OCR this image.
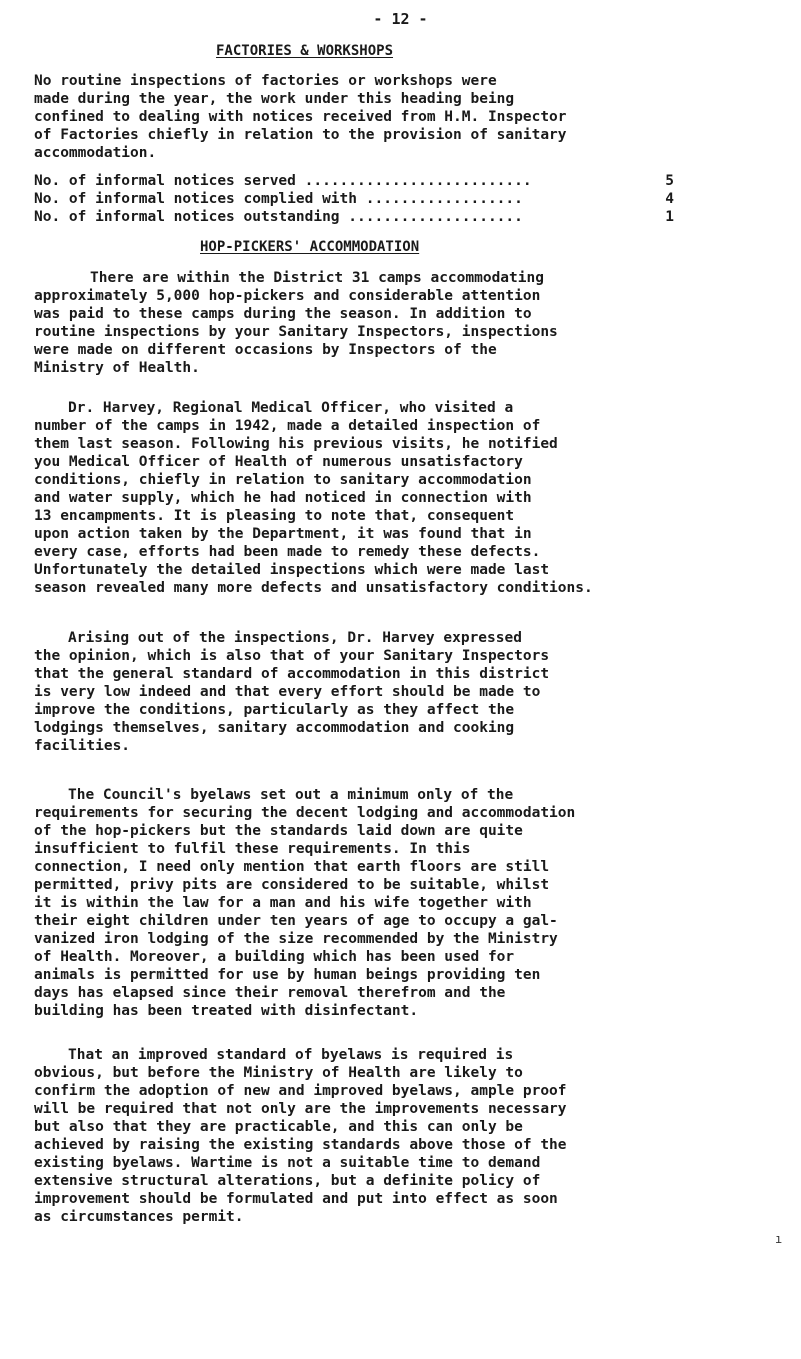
- 12 -
FACTORIES & WORKSHOPS
No routine inspections of factories or workshops were
made during the year, the work under this heading being
confined to dealing with notices received from H.M. Inspector
of Factories chiefly in relation to the provision of sanitary
accommodation.
No. of informal notices served ..........................	5
No. of informal notices complied with ..................	4
No. of informal notices outstanding ....................	1
HOP-PICKERS' ACCOMMODATION
There are within the District 31 camps accommodating
approximately 5,000 hop-pickers and considerable attention
was paid to these camps during the season. In addition to
routine inspections by your Sanitary Inspectors, inspections
were made on different occasions by Inspectors of the
Ministry of Health.
Dr. Harvey, Regional Medical Officer, who visited a
number of the camps in 1942, made a detailed inspection of
them last season. Following his previous visits, he notified
you Medical Officer of Health of numerous unsatisfactory
conditions, chiefly in relation to sanitary accommodation
and water supply, which he had noticed in connection with
13 encampments. It is pleasing to note that, consequent
upon action taken by the Department, it was found that in
every case, efforts had been made to remedy these defects.
Unfortunately the detailed inspections which were made last
season revealed many more defects and unsatisfactory conditions.
Arising out of the inspections, Dr. Harvey expressed
the opinion, which is also that of your Sanitary Inspectors
that the general standard of accommodation in this district
is very low indeed and that every effort should be made to
improve the conditions, particularly as they affect the
lodgings themselves, sanitary accommodation and cooking
facilities.
The Council's byelaws set out a minimum only of the
requirements for securing the decent lodging and accommodation
of the hop-pickers but the standards laid down are quite
insufficient to fulfil these requirements. In this
connection, I need only mention that earth floors are still
permitted, privy pits are considered to be suitable, whilst
it is within the law for a man and his wife together with
their eight children under ten years of age to occupy a gal-
vanized iron lodging of the size recommended by the Ministry
of Health. Moreover, a building which has been used for
animals is permitted for use by human beings providing ten
days has elapsed since their removal therefrom and the
building has been treated with disinfectant.
That an improved standard of byelaws is required is
obvious, but before the Ministry of Health are likely to
confirm the adoption of new and improved byelaws, ample proof
will be required that not only are the improvements necessary
but also that they are practicable, and this can only be
achieved by raising the existing standards above those of the
existing byelaws. Wartime is not a suitable time to demand
extensive structural alterations, but a definite policy of
improvement should be formulated and put into effect as soon
as circumstances permit.
ı
